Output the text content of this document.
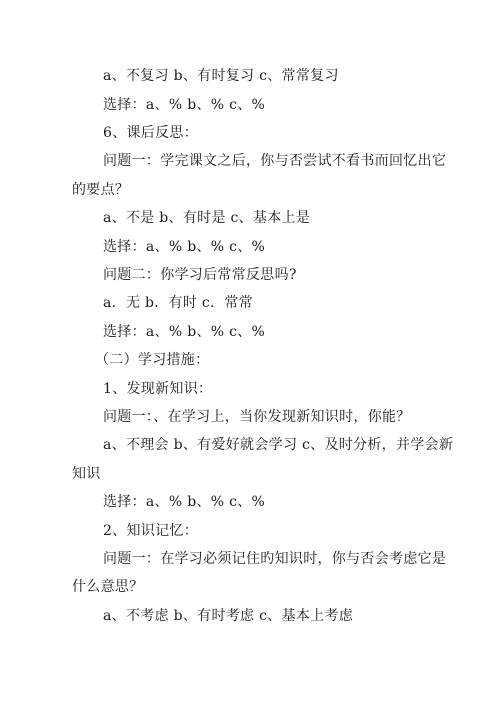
a、不复习 b、有时复习 c、常常复习
选择：a、% b、% c、%
6、课后反思：
问题一：学完课文之后，你与否尝试不看书而回忆出它
的要点？
a、不是 b、有时是 c、基本上是
选择：a、% b、% c、%
问题二：你学习后常常反思吗?
a．无 b．有时 c．常常
选择：a、% b、% c、%
（二）学习措施：
1、发现新知识：
问题一：、在学习上，当你发现新知识时，你能？
a、不理会 b、有爱好就会学习 c、及时分析，并学会新
知识
选择：a、% b、% c、%
2、知识记忆：
问题一：在学习必须记住旳知识时，你与否会考虑它是
什么意思？
a、不考虑 b、有时考虑 c、基本上考虑
